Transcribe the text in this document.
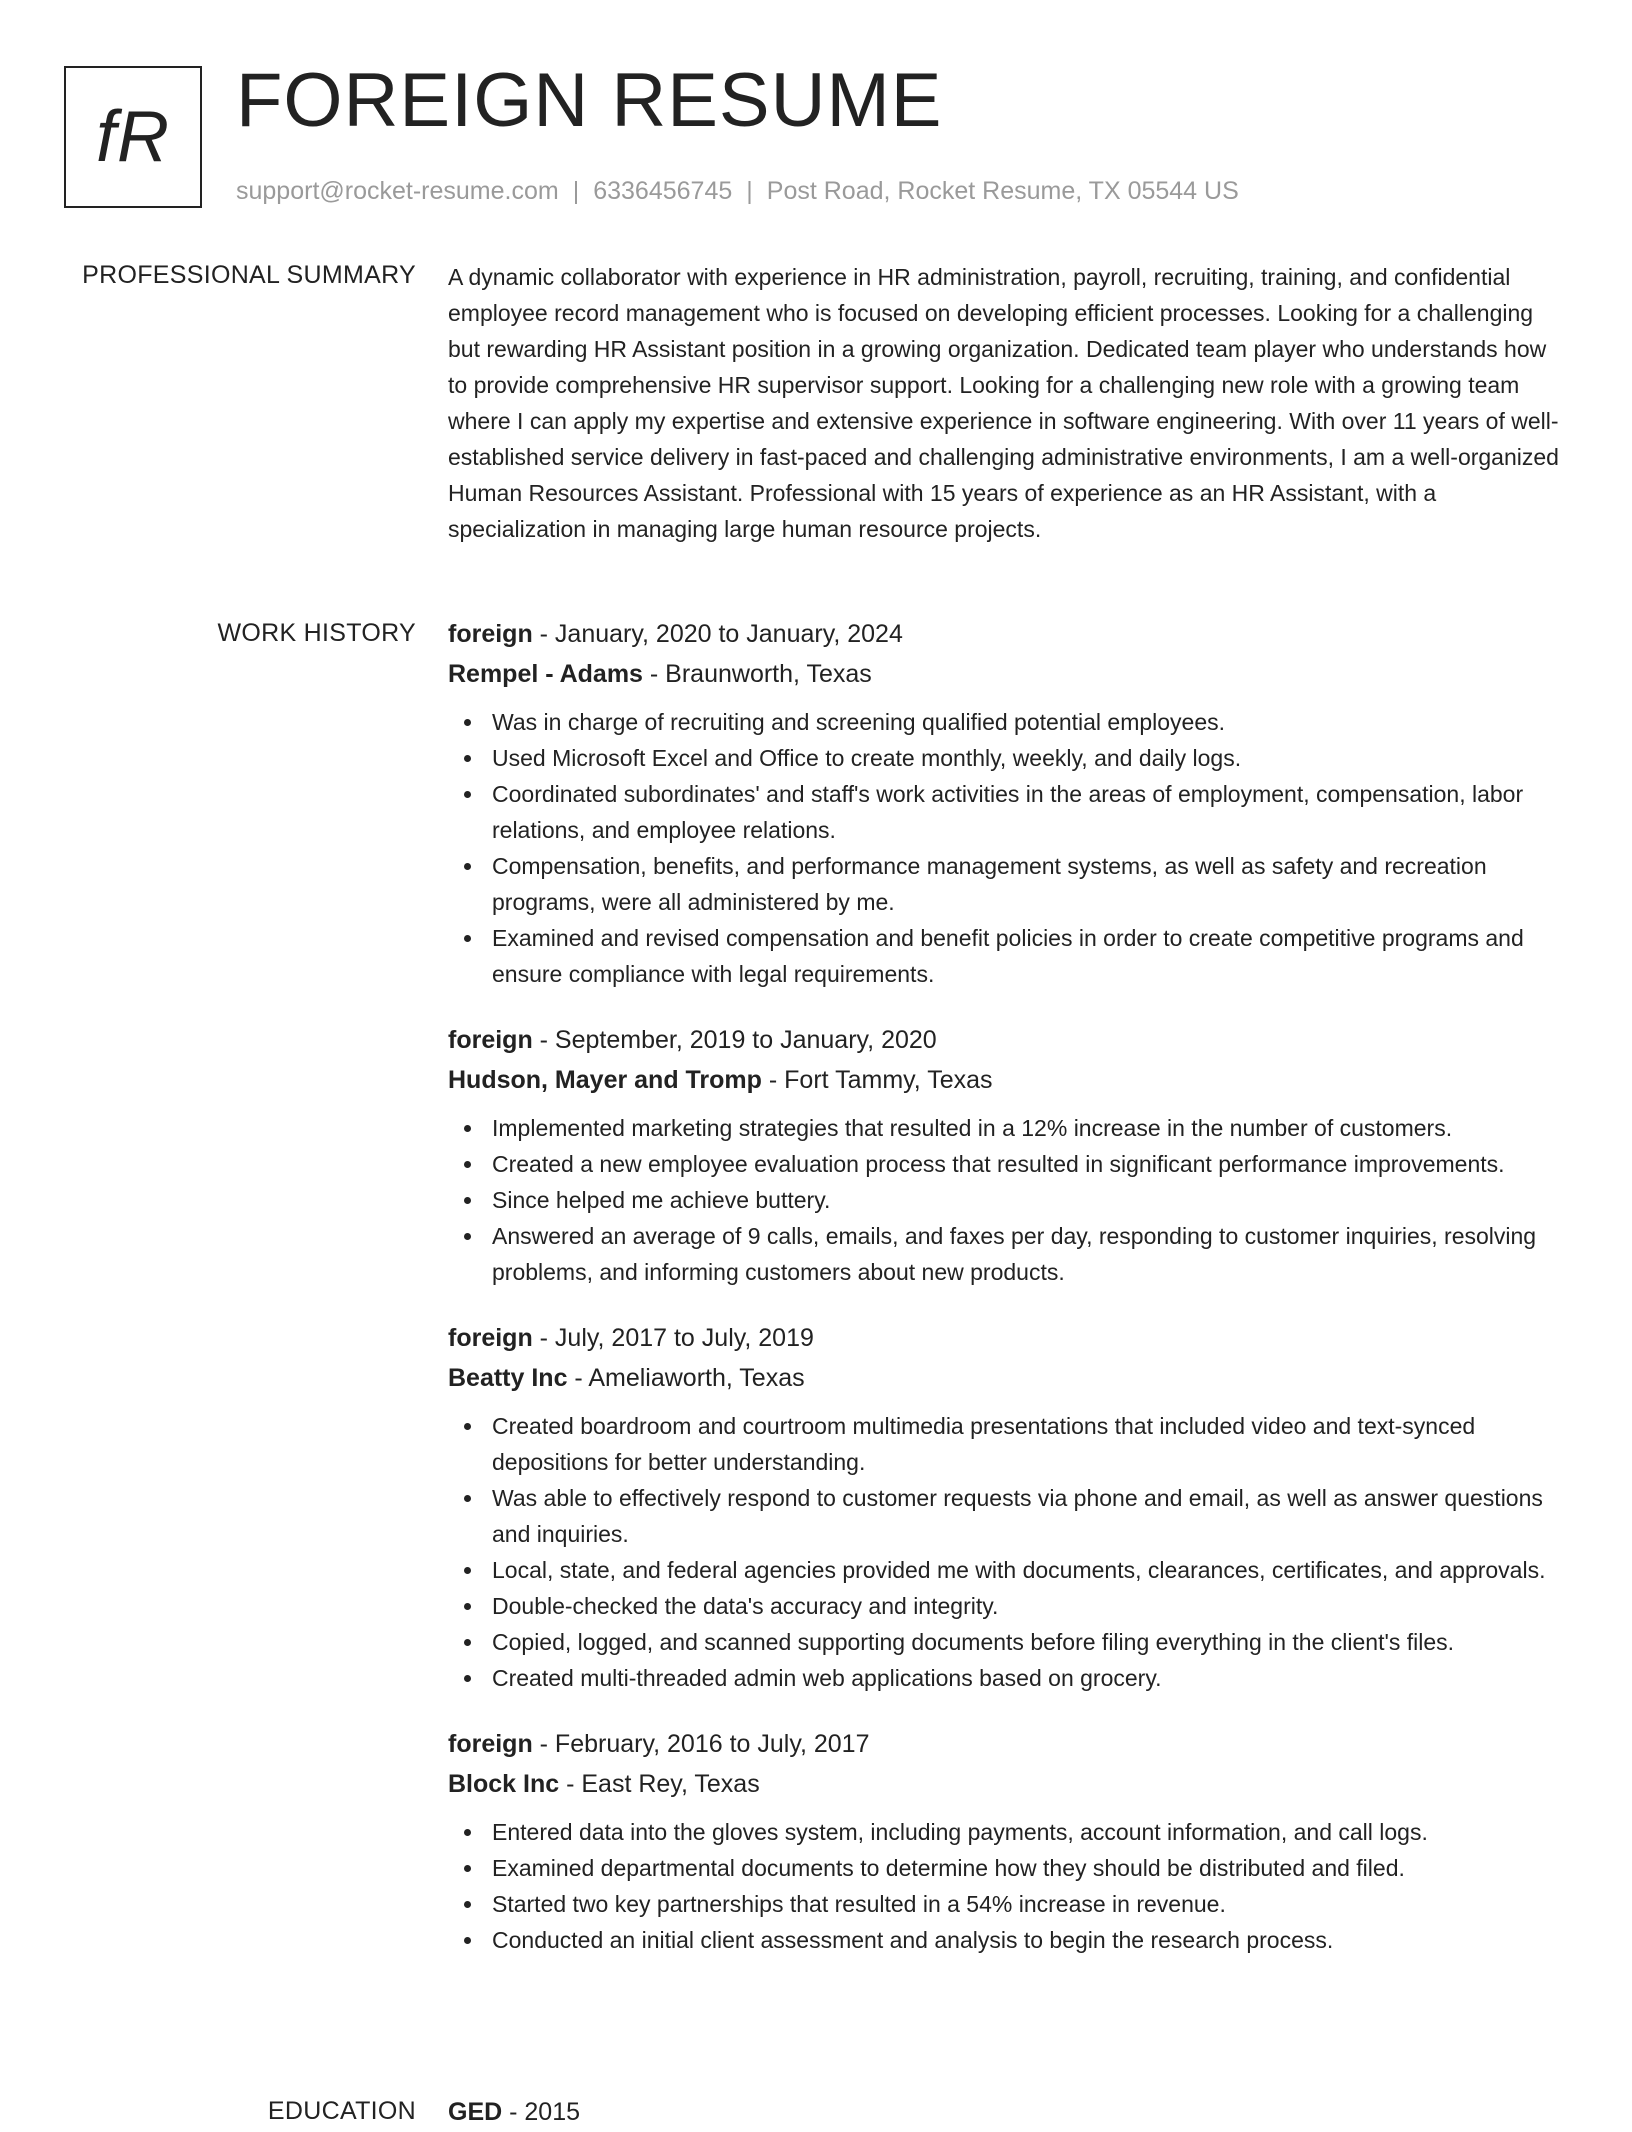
fR FOREIGN RESUME
support@rocket-resume.com | 6336456745 | Post Road, Rocket Resume, TX 05544 US
PROFESSIONAL SUMMARY A dynamic collaborator with experience in HR administration, payroll, recruiting, training, and confidential employee record management who is focused on developing efficient processes. Looking for a challenging but rewarding HR Assistant position in a growing organization. Dedicated team player who understands how to provide comprehensive HR supervisor support. Looking for a challenging new role with a growing team where I can apply my expertise and extensive experience in software engineering. With over 11 years of well-established service delivery in fast-paced and challenging administrative environments, I am a well-organized Human Resources Assistant. Professional with 15 years of experience as an HR Assistant, with a specialization in managing large human resource projects.

WORK HISTORY foreign - January, 2020 to January, 2024
Rempel - Adams - Braunworth, Texas
Was in charge of recruiting and screening qualified potential employees.
Used Microsoft Excel and Office to create monthly, weekly, and daily logs.
Coordinated subordinates' and staff's work activities in the areas of employment, compensation, labor relations, and employee relations.
Compensation, benefits, and performance management systems, as well as safety and recreation programs, were all administered by me.
Examined and revised compensation and benefit policies in order to create competitive programs and ensure compliance with legal requirements.
foreign - September, 2019 to January, 2020
Hudson, Mayer and Tromp - Fort Tammy, Texas
Implemented marketing strategies that resulted in a 12% increase in the number of customers.
Created a new employee evaluation process that resulted in significant performance improvements.
Since helped me achieve buttery.
Answered an average of 9 calls, emails, and faxes per day, responding to customer inquiries, resolving problems, and informing customers about new products.
foreign - July, 2017 to July, 2019
Beatty Inc - Ameliaworth, Texas
Created boardroom and courtroom multimedia presentations that included video and text-synced depositions for better understanding.
Was able to effectively respond to customer requests via phone and email, as well as answer questions and inquiries.
Local, state, and federal agencies provided me with documents, clearances, certificates, and approvals.
Double-checked the data's accuracy and integrity.
Copied, logged, and scanned supporting documents before filing everything in the client's files.
Created multi-threaded admin web applications based on grocery.
foreign - February, 2016 to July, 2017
Block Inc - East Rey, Texas
Entered data into the gloves system, including payments, account information, and call logs.
Examined departmental documents to determine how they should be distributed and filed.
Started two key partnerships that resulted in a 54% increase in revenue.
Conducted an initial client assessment and analysis to begin the research process.
EDUCATION GED - 2015
